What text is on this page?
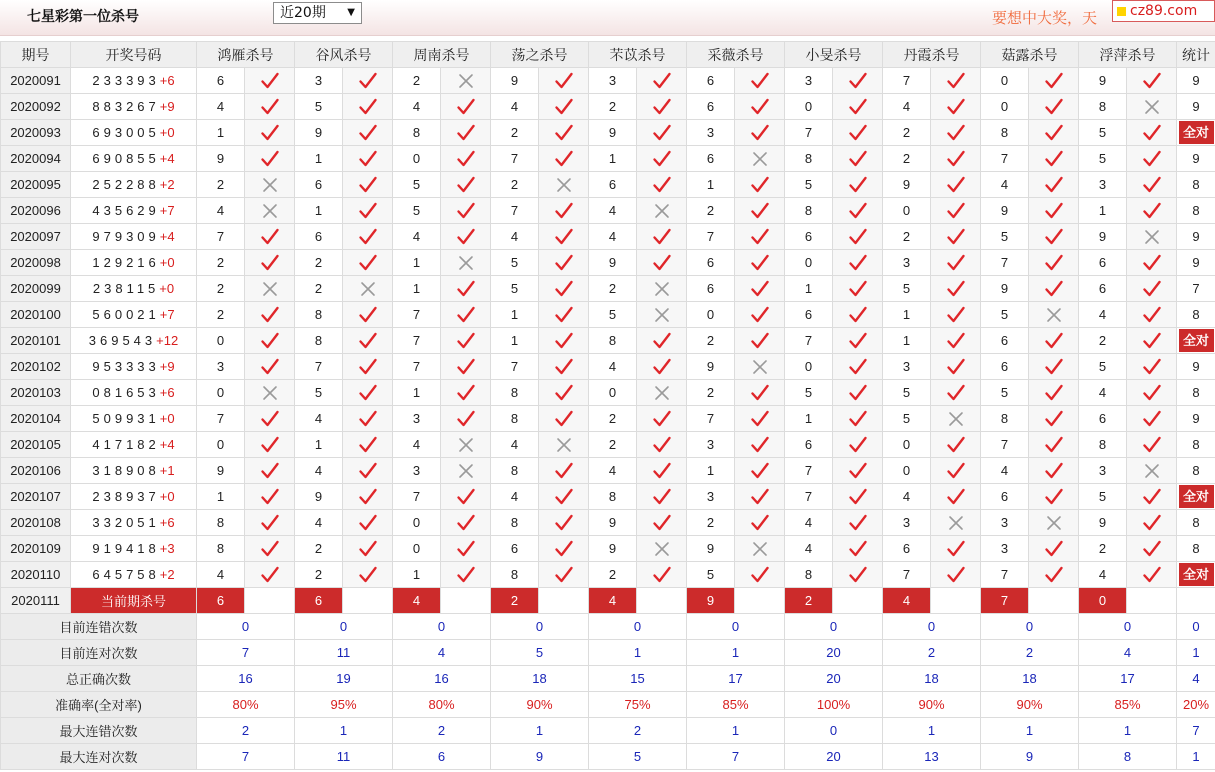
七星彩第一位杀号	近20期 ▼	要想中大奖，天	cz89.com
期号	开奖号码	鸿雁杀号		谷风杀号		周南杀号		荡之杀号		芣苡杀号		采薇杀号		小旻杀号		丹霞杀号		菇露杀号		浮萍杀号		统计
2020091	233393+6	6		3		2		9		3		6		3		7		0		9		9
2020092	883267+9	4		5		4		4		2		6		0		4		0		8		9
2020093	693005+0	1		9		8		2		9		3		7		2		8		5		全对

2020094	690855+4	9		1		0		7		1		6		8		2		7		5		9
2020095	252288+2	2		6		5		2		6		1		5		9		4		3		8
2020096	435629+7	4		1		5		7		4		2		8		0		9		1		8
2020097	979309+4	7		6		4		4		4		7		6		2		5		9		9
2020098	129216+0	2		2		1		5		9		6		0		3		7		6		9
2020099	238115+0	2		2		1		5		2		6		1		5		9		6		7
2020100	560021+7	2		8		7		1		5		0		6		1		5		4		8
2020101	369543+12	0		8		7		1		8		2		7		1		6		2		全对

2020102	953333+9	3		7		7		7		4		9		0		3		6		5		9
2020103	081653+6	0		5		1		8		0		2		5		5		5		4		8
2020104	509931+0	7		4		3		8		2		7		1		5		8		6		9
2020105	417182+4	0		1		4		4		2		3		6		0		7		8		8
2020106	318908+1	9		4		3		8		4		1		7		0		4		3		8
2020107	238937+0	1		9		7		4		8		3		7		4		6		5		全对

2020108	332051+6	8		4		0		8		9		2		4		3		3		9		8
2020109	919418+3	8		2		0		6		9		9		4		6		3		2		8
2020110	645758+2	4		2		1		8		2		5		8		7		7		4		全对

2020111	当前期杀号	6		6		4		2		4		9		2		4		7		0		
目前连错次数		0		0		0		0		0		0		0		0		0		0		0
目前连对次数		7		11		4		5		1		1		20		2		2		4		1
总正确次数		16		19		16		18		15		17		20		18		18		17		4
准确率(全对率)		80%		95%		80%		90%		75%		85%		100%		90%		90%		85%		20%
最大连错次数		2		1		2		1		2		1		0		1		1		1		7
最大连对次数		7		11		6		9		5		7		20		13		9		8		1
